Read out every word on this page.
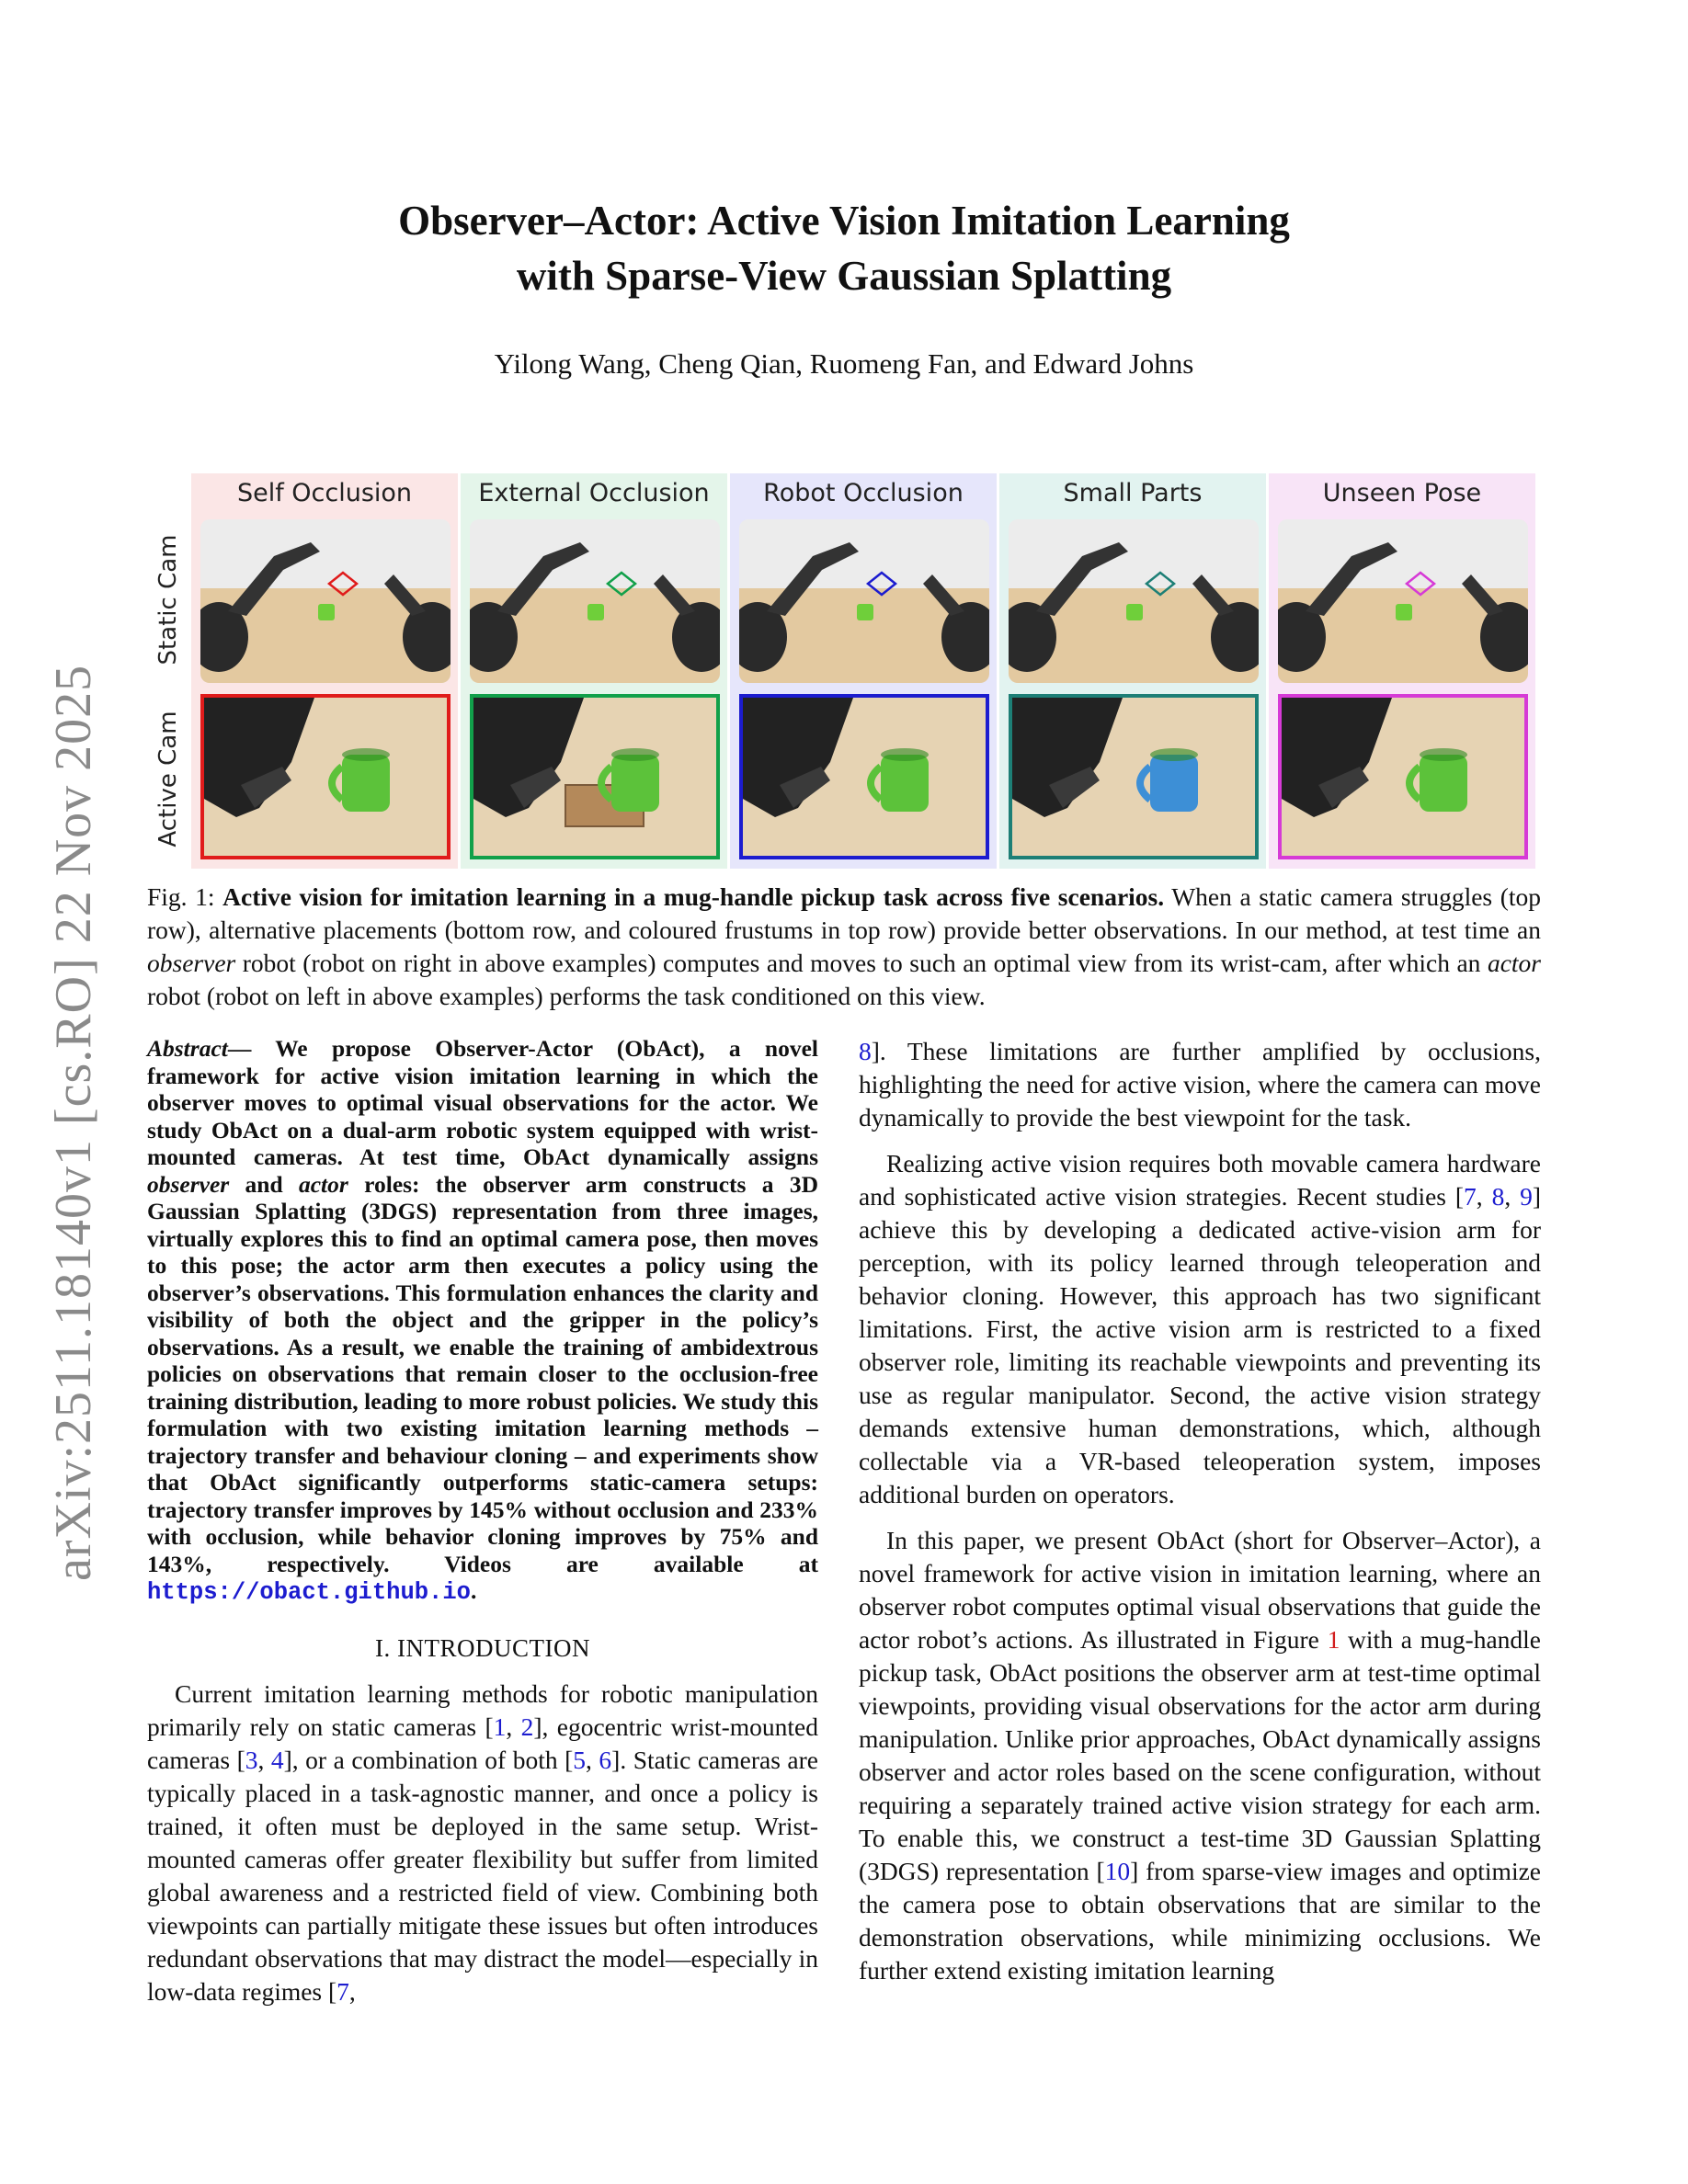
Observer–Actor: Active Vision Imitation Learning
with Sparse-View Gaussian Splatting
Yilong Wang, Cheng Qian, Ruomeng Fan, and Edward Johns
arXiv:2511.18140v1 [cs.RO] 22 Nov 2025
Static Cam
Active Cam
Self Occlusion	External Occlusion	Robot Occlusion	Small Parts	Unseen Pose
Fig. 1: Active vision for imitation learning in a mug-handle pickup task across five scenarios. When a static camera struggles (top row), alternative placements (bottom row, and coloured frustums in top row) provide better observations. In our method, at test time an observer robot (robot on right in above examples) computes and moves to such an optimal view from its wrist-cam, after which an actor robot (robot on left in above examples) performs the task conditioned on this view.
Abstract— We propose Observer-Actor (ObAct), a novel framework for active vision imitation learning in which the observer moves to optimal visual observations for the actor. We study ObAct on a dual-arm robotic system equipped with wrist-mounted cameras. At test time, ObAct dynamically assigns observer and actor roles: the observer arm constructs a 3D Gaussian Splatting (3DGS) representation from three images, virtually explores this to find an optimal camera pose, then moves to this pose; the actor arm then executes a policy using the observer’s observations. This formulation enhances the clarity and visibility of both the object and the gripper in the policy’s observations. As a result, we enable the training of ambidextrous policies on observations that remain closer to the occlusion-free training distribution, leading to more robust policies. We study this formulation with two existing imitation learning methods – trajectory transfer and behaviour cloning – and experiments show that ObAct significantly outperforms static-camera setups: trajectory transfer improves by 145% without occlusion and 233% with occlusion, while behavior cloning improves by 75% and 143%, respectively. Videos are available at https://obact.github.io.
I. INTRODUCTION

Current imitation learning methods for robotic manipulation primarily rely on static cameras [1, 2], egocentric wrist-mounted cameras [3, 4], or a combination of both [5, 6]. Static cameras are typically placed in a task-agnostic manner, and once a policy is trained, it often must be deployed in the same setup. Wrist-mounted cameras offer greater flexibility but suffer from limited global awareness and a restricted field of view. Combining both viewpoints can partially mitigate these issues but often introduces redundant observations that may distract the model—especially in low-data regimes [7,

8]. These limitations are further amplified by occlusions, highlighting the need for active vision, where the camera can move dynamically to provide the best viewpoint for the task.

Realizing active vision requires both movable camera hardware and sophisticated active vision strategies. Recent studies [7, 8, 9] achieve this by developing a dedicated active-vision arm for perception, with its policy learned through teleoperation and behavior cloning. However, this approach has two significant limitations. First, the active vision arm is restricted to a fixed observer role, limiting its reachable viewpoints and preventing its use as regular manipulator. Second, the active vision strategy demands extensive human demonstrations, which, although collectable via a VR-based teleoperation system, imposes additional burden on operators.

In this paper, we present ObAct (short for Observer–Actor), a novel framework for active vision in imitation learning, where an observer robot computes optimal visual observations that guide the actor robot’s actions. As illustrated in Figure 1 with a mug-handle pickup task, ObAct positions the observer arm at test-time optimal viewpoints, providing visual observations for the actor arm during manipulation. Unlike prior approaches, ObAct dynamically assigns observer and actor roles based on the scene configuration, without requiring a separately trained active vision strategy for each arm. To enable this, we construct a test-time 3D Gaussian Splatting (3DGS) representation [10] from sparse-view images and optimize the camera pose to obtain observations that are similar to the demonstration observations, while minimizing occlusions. We further extend existing imitation learning
